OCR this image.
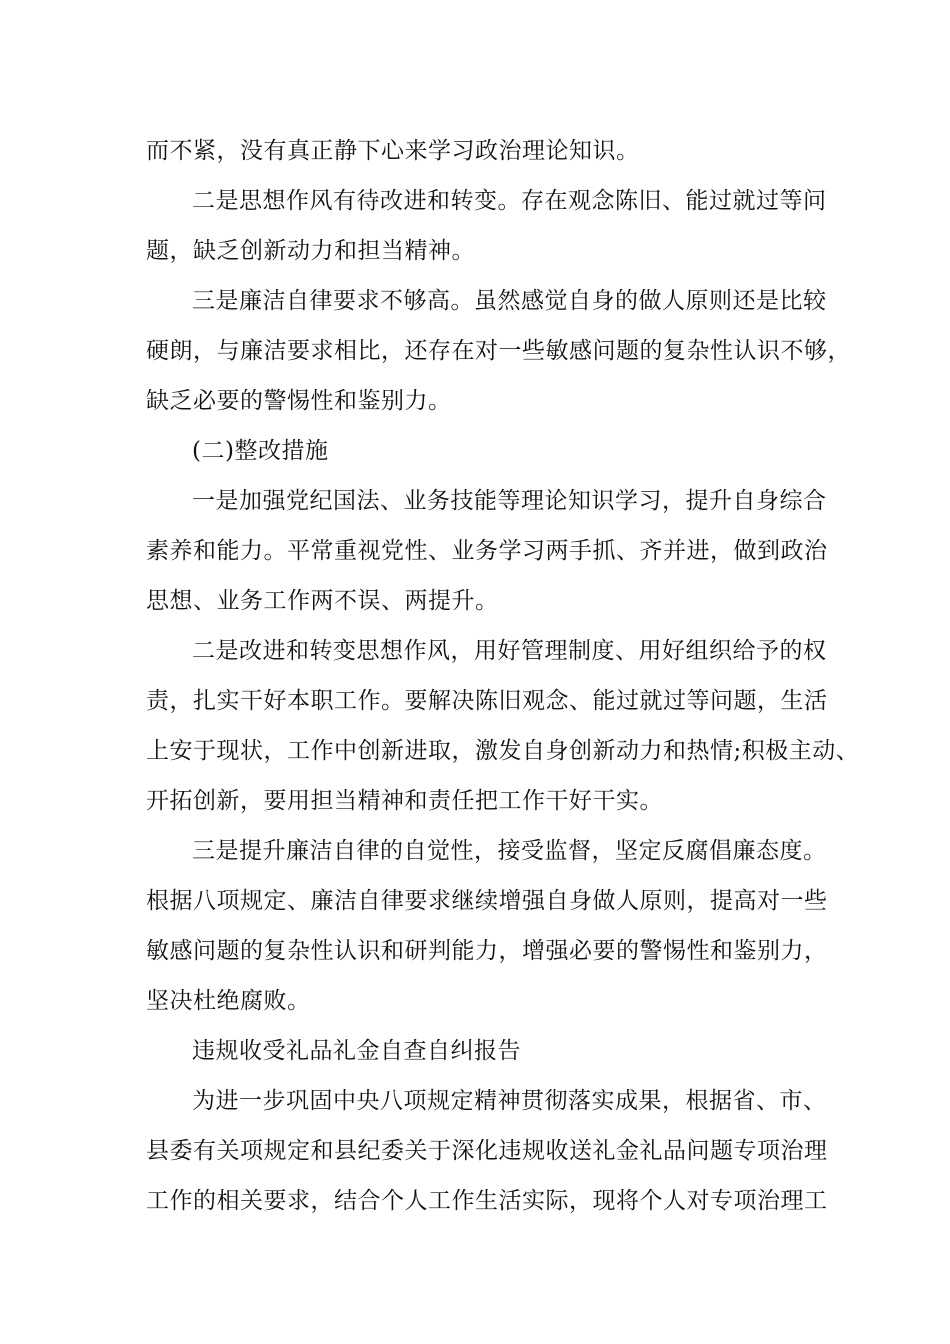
而不紧，没有真正静下心来学习政治理论知识。
二是思想作风有待改进和转变。存在观念陈旧、能过就过等问
题，缺乏创新动力和担当精神。
三是廉洁自律要求不够高。虽然感觉自身的做人原则还是比较
硬朗，与廉洁要求相比，还存在对一些敏感问题的复杂性认识不够，
缺乏必要的警惕性和鉴别力。
(二)整改措施
一是加强党纪国法、业务技能等理论知识学习，提升自身综合
素养和能力。平常重视党性、业务学习两手抓、齐并进，做到政治
思想、业务工作两不误、两提升。
二是改进和转变思想作风，用好管理制度、用好组织给予的权
责，扎实干好本职工作。要解决陈旧观念、能过就过等问题，生活
上安于现状，工作中创新进取，激发自身创新动力和热情;积极主动、
开拓创新，要用担当精神和责任把工作干好干实。
三是提升廉洁自律的自觉性，接受监督，坚定反腐倡廉态度。
根据八项规定、廉洁自律要求继续增强自身做人原则，提高对一些
敏感问题的复杂性认识和研判能力，增强必要的警惕性和鉴别力，
坚决杜绝腐败。
违规收受礼品礼金自查自纠报告
为进一步巩固中央八项规定精神贯彻落实成果，根据省、市、
县委有关项规定和县纪委关于深化违规收送礼金礼品问题专项治理
工作的相关要求，结合个人工作生活实际，现将个人对专项治理工
